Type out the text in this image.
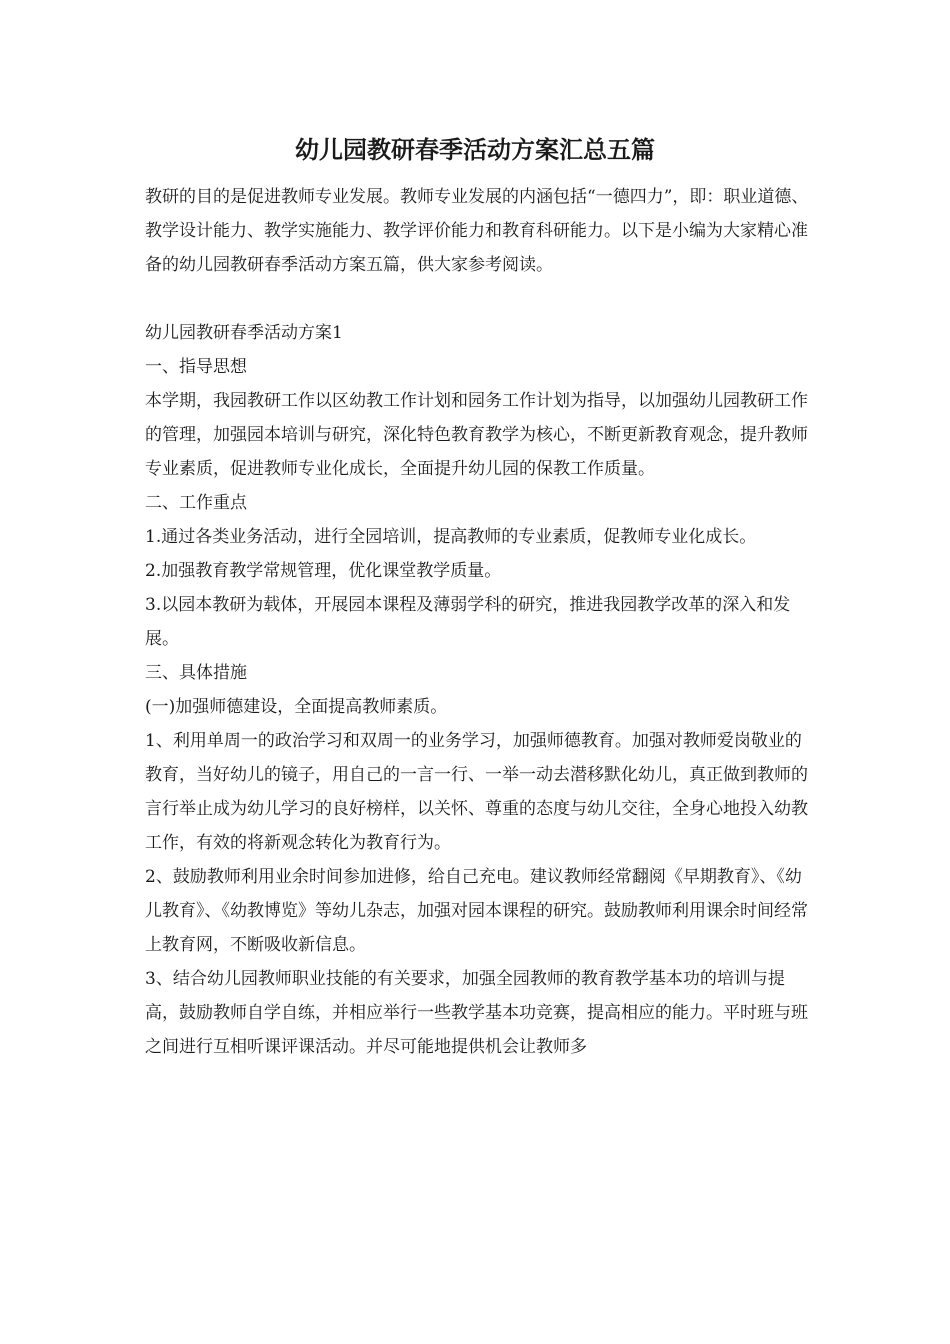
幼儿园教研春季活动方案汇总五篇

教研的目的是促进教师专业发展。教师专业发展的内涵包括“一德四力”，即：职业道德、教学设计能力、教学实施能力、教学评价能力和教育科研能力。以下是小编为大家精心准备的幼儿园教研春季活动方案五篇，供大家参考阅读。

幼儿园教研春季活动方案1

一、指导思想

本学期，我园教研工作以区幼教工作计划和园务工作计划为指导，以加强幼儿园教研工作的管理，加强园本培训与研究，深化特色教育教学为核心，不断更新教育观念，提升教师专业素质，促进教师专业化成长，全面提升幼儿园的保教工作质量。

二、工作重点

1.通过各类业务活动，进行全园培训，提高教师的专业素质，促教师专业化成长。

2.加强教育教学常规管理，优化课堂教学质量。

3.以园本教研为载体，开展园本课程及薄弱学科的研究，推进我园教学改革的深入和发展。

三、具体措施

(一)加强师德建设，全面提高教师素质。

1、利用单周一的政治学习和双周一的业务学习，加强师德教育。加强对教师爱岗敬业的教育，当好幼儿的镜子，用自己的一言一行、一举一动去潜移默化幼儿，真正做到教师的言行举止成为幼儿学习的良好榜样，以关怀、尊重的态度与幼儿交往，全身心地投入幼教工作，有效的将新观念转化为教育行为。

2、鼓励教师利用业余时间参加进修，给自己充电。建议教师经常翻阅《早期教育》、《幼儿教育》、《幼教博览》等幼儿杂志，加强对园本课程的研究。鼓励教师利用课余时间经常上教育网，不断吸收新信息。

3、结合幼儿园教师职业技能的有关要求，加强全园教师的教育教学基本功的培训与提高，鼓励教师自学自练，并相应举行一些教学基本功竞赛，提高相应的能力。平时班与班之间进行互相听课评课活动。并尽可能地提供机会让教师多
